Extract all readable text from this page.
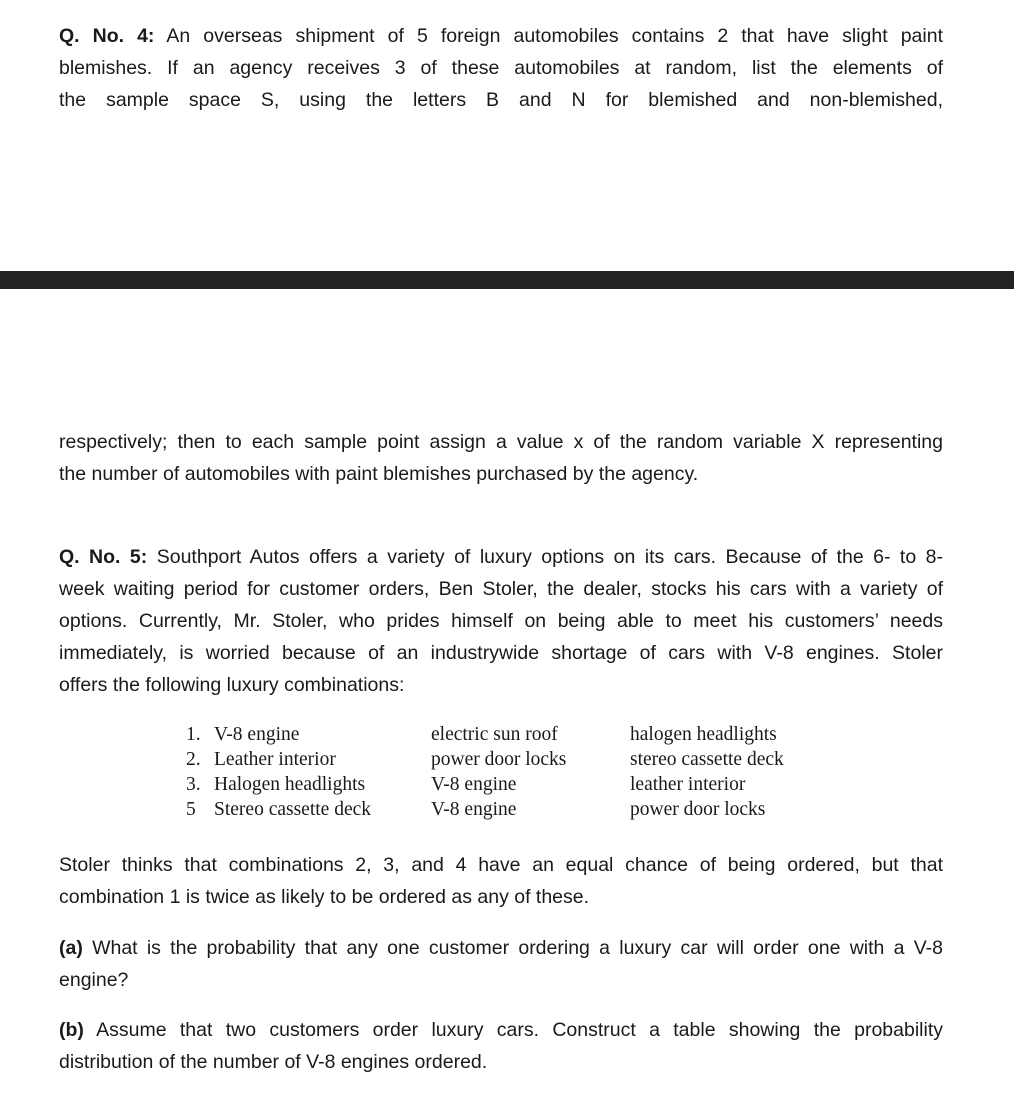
Q. No. 4: An overseas shipment of 5 foreign automobiles contains 2 that have slight paint
blemishes. If an agency receives 3 of these automobiles at random, list the elements of
the sample space S, using the letters B and N for blemished and non-blemished,
respectively; then to each sample point assign a value x of the random variable X representing
the number of automobiles with paint blemishes purchased by the agency.
Q. No. 5: Southport Autos offers a variety of luxury options on its cars. Because of the 6- to 8-
week waiting period for customer orders, Ben Stoler, the dealer, stocks his cars with a variety of
options. Currently, Mr. Stoler, who prides himself on being able to meet his customers’ needs
immediately, is worried because of an industrywide shortage of cars with V-8 engines. Stoler
offers the following luxury combinations:
1.	V-8 engine	electric sun roof	halogen headlights
2.	Leather interior	power door locks	stereo cassette deck
3.	Halogen headlights	V-8 engine	leather interior
5	Stereo cassette deck	V-8 engine	power door locks
Stoler thinks that combinations 2, 3, and 4 have an equal chance of being ordered, but that
combination 1 is twice as likely to be ordered as any of these.
(a) What is the probability that any one customer ordering a luxury car will order one with a V-8
engine?
(b) Assume that two customers order luxury cars. Construct a table showing the probability
distribution of the number of V-8 engines ordered.
